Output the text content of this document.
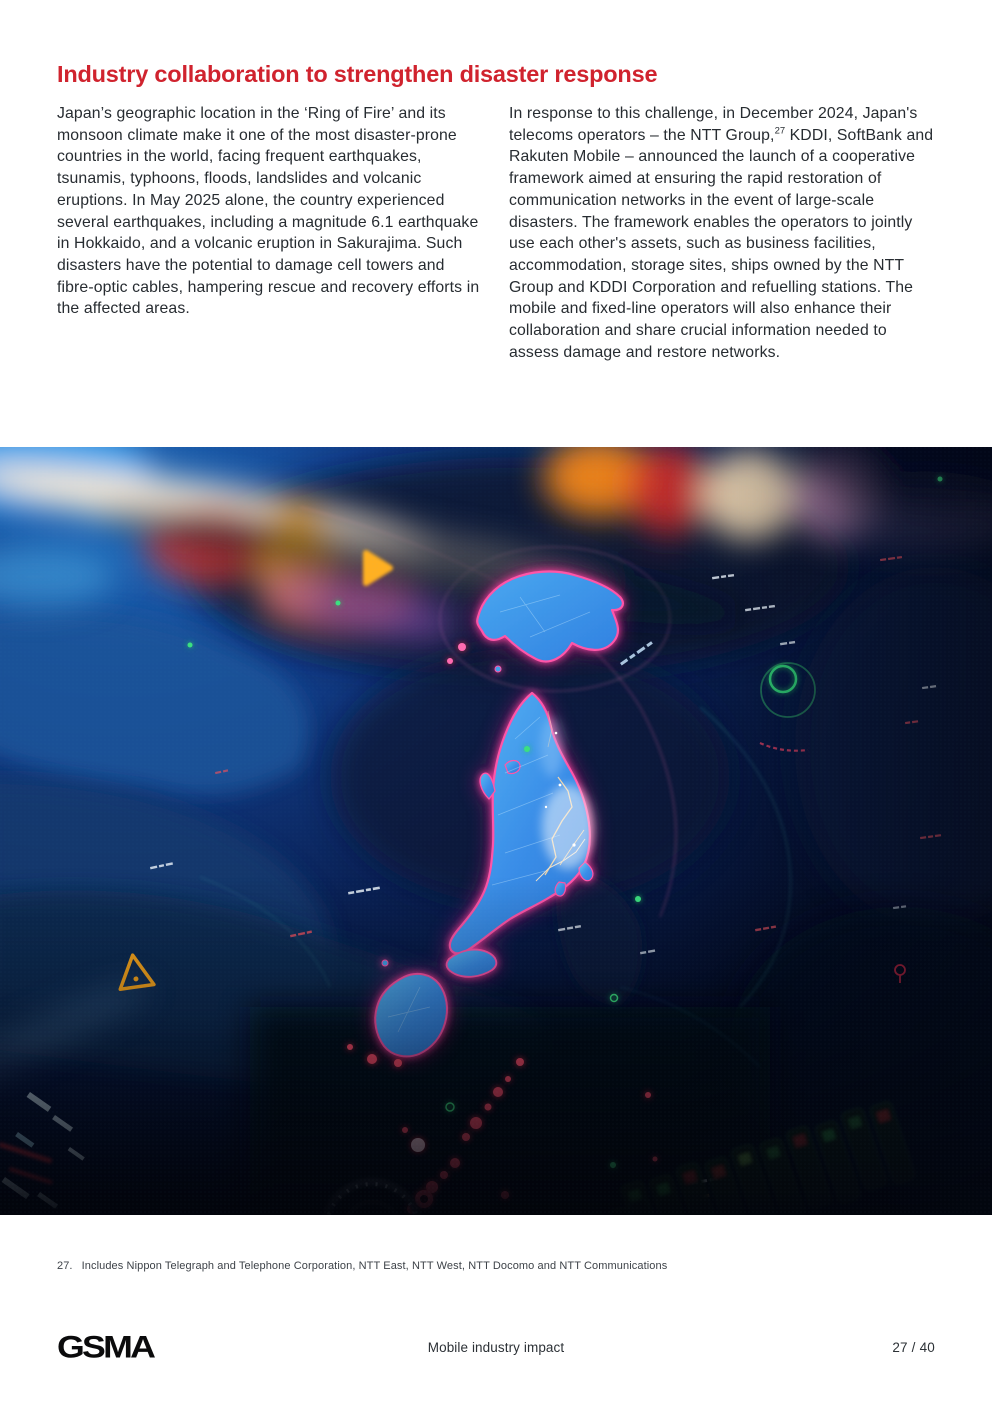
Industry collaboration to strengthen disaster response

Japan’s geographic location in the ‘Ring of Fire’ and its monsoon climate make it one of the most disaster-prone countries in the world, facing frequent earthquakes, tsunamis, typhoons, floods, landslides and volcanic eruptions. In May 2025 alone, the country experienced several earthquakes, including a magnitude 6.1 earthquake in Hokkaido, and a volcanic eruption in Sakurajima. Such disasters have the potential to damage cell towers and fibre-optic cables, hampering rescue and recovery efforts in the affected areas.

In response to this challenge, in December 2024, Japan's telecoms operators – the NTT Group,$^{27}$ KDDI, SoftBank and Rakuten Mobile – announced the launch of a cooperative framework aimed at ensuring the rapid restoration of communication networks in the event of large-scale disasters. The framework enables the operators to jointly use each other's assets, such as business facilities, accommodation, storage sites, ships owned by the NTT Group and KDDI Corporation and refuelling stations. The mobile and fixed-line operators will also enhance their collaboration and share crucial information needed to assess damage and restore networks.

27. Includes Nippon Telegraph and Telephone Corporation, NTT East, NTT West, NTT Docomo and NTT Communications
GSMA	Mobile industry impact	27 / 40
